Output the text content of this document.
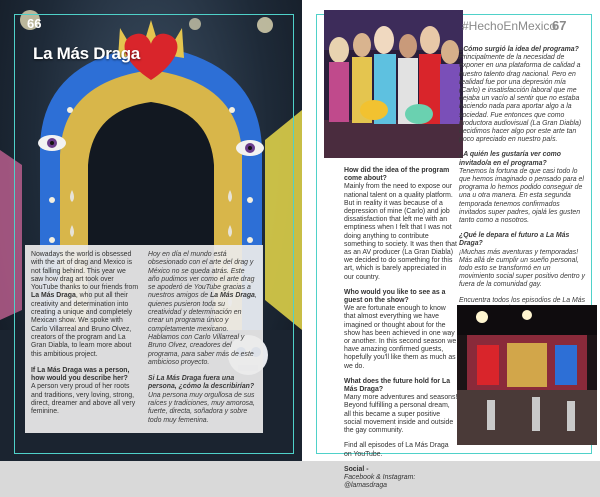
66
La Más Draga

Nowadays the world is obsessed with the art of drag and Mexico is not falling behind. This year we saw how drag art took over YouTube thanks to our friends from La Más Draga, who put all their creativity and determination into creating a unique and completely Mexican show. We spoke with Carlo Villarreal and Bruno Olvez, creators of the program and La Gran Diabla, to learn more about this ambitious project.

If La Más Draga was a person, how would you describe her?
A person very proud of her roots and traditions, very loving, strong, direct, dreamer and above all very feminine.

Hoy en día el mundo está obsesionado con el arte del drag y México no se queda atrás. Este año pudimos ver como el arte drag se apoderó de YouTube gracias a nuestros amigos de La Más Draga, quienes pusieron toda su creatividad y determinación en crear un programa único y completamente mexicano. Hablamos con Carlo Villarreal y Bruno Olvez, creadores del programa, para saber más de este ambicioso proyecto.

Si La Más Draga fuera una persona, ¿cómo la describirían?
Una persona muy orgullosa de sus raíces y tradiciones, muy amorosa, fuerte, directa, soñadora y sobre todo muy femenina.

#HechoEnMexico
67

¿Cómo surgió la idea del programa?
Principalmente de la necesidad de exponer en una plataforma de calidad a nuestro talento drag nacional. Pero en realidad fue por una depresión mía (Carlo) e insatisfacción laboral que me dejaba un vacío al sentir que no estaba haciendo nada para aportar algo a la sociedad. Fue entonces que como productora audiovisual (La Gran Diabla) decidimos hacer algo por este arte tan poco apreciado en nuestro país.

¿A quién les gustaría ver como invitado/a en el programa?
Tenemos la fortuna de que casi todo lo que hemos imaginado o pensado para el programa lo hemos podido conseguir de una u otra manera. En esta segunda temporada tenemos confirmados invitados super padres, ojalá les gusten tanto como a nosotros.

¿Qué le depara el futuro a La Más Draga?
¡Muchas más aventuras y temporadas! Más allá de cumplir un sueño personal, todo esto se transformó en un movimiento social super positivo dentro y fuera de la comunidad gay.

Encuentra todos los episodios de La Más

How did the idea of the program come about?
Mainly from the need to expose our national talent on a quality platform. But in reality it was because of a depression of mine (Carlo) and job dissatisfaction that left me with an emptiness when I felt that I was not doing anything to contribute something to society. It was then that as an AV producer (La Gran Diabla) we decided to do something for this art, which is barely appreciated in our country.

Who would you like to see as a guest on the show?
We are fortunate enough to know that almost everything we have imagined or thought about for the show has been achieved in one way or another. In this second season we have amazing confirmed guests, hopefully you'll like them as much as we do.

What does the future hold for La Más Draga?
Many more adventures and seasons! Beyond fulfilling a personal dream, all this became a super positive social movement inside and outside the gay community.

Find all episodes of La Más Draga on YouTube.

Social -
Facebook & Instagram: @lamasdraga
